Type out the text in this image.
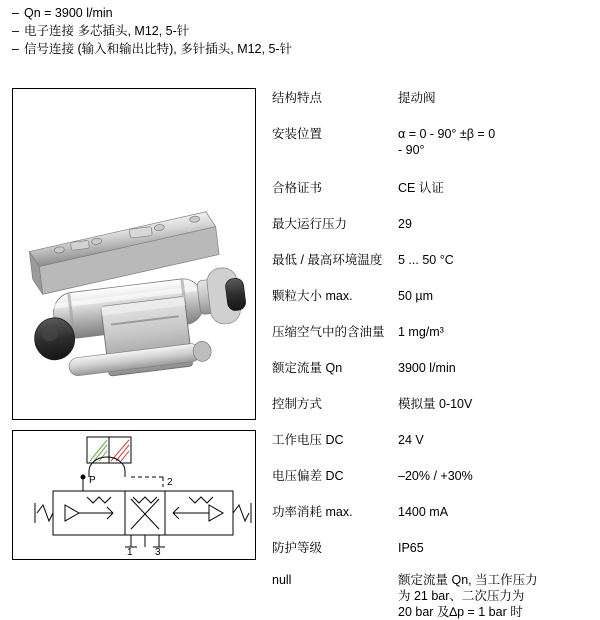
– Qn = 3900 l/min
– 电子连接 多芯插头, M12, 5-针
– 信号连接 (输入和输出比特), 多针插头, M12, 5-针
P	2
1 3
结构特点	提动阀
安装位置	α = 0 - 90° ±β = 0
- 90°
合格证书	CE 认证
最大运行压力	29
最低 / 最高环境温度	5 ... 50 °C
颗粒大小 max.	50 µm
压缩空气中的含油量	1 mg/m³
额定流量 Qn	3900 l/min
控制方式	模拟量 0-10V
工作电压 DC	24 V
电压偏差 DC	–20% / +30%
功率消耗 max.	1400 mA
防护等级	IP65
null	额定流量 Qn, 当工作压力
为 21 bar、二次压力为
20 bar 及∆p = 1 bar 时
